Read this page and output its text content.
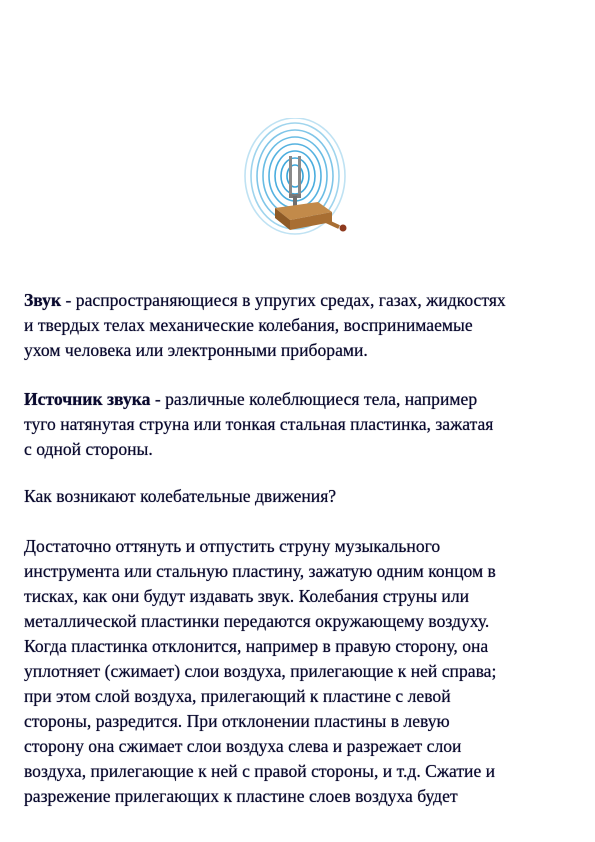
Звук - распространяющиеся в упругих средах, газах, жидкостях
и твердых телах механические колебания, воспринимаемые
ухом человека или электронными приборами.
Источник звука - различные колеблющиеся тела, например
туго натянутая струна или тонкая стальная пластинка, зажатая
с одной стороны.
Как возникают колебательные движения?
Достаточно оттянуть и отпустить струну музыкального
инструмента или стальную пластину, зажатую одним концом в
тисках, как они будут издавать звук. Колебания струны или
металлической пластинки передаются окружающему воздуху.
Когда пластинка отклонится, например в правую сторону, она
уплотняет (сжимает) слои воздуха, прилегающие к ней справа;
при этом слой воздуха, прилегающий к пластине с левой
стороны, разредится. При отклонении пластины в левую
сторону она сжимает слои воздуха слева и разрежает слои
воздуха, прилегающие к ней с правой стороны, и т.д. Сжатие и
разрежение прилегающих к пластине слоев воздуха будет
